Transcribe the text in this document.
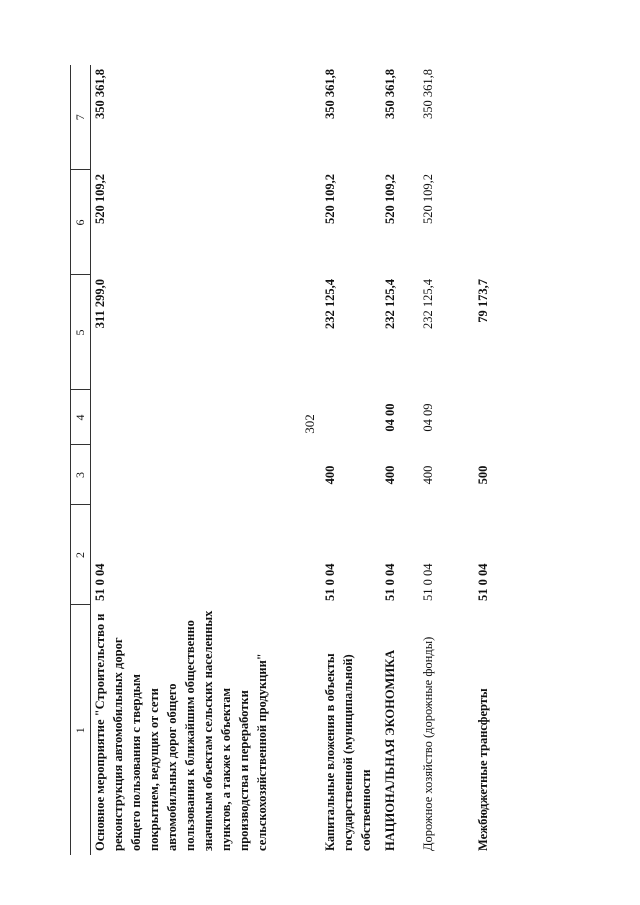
302
1	2	3	4	5	6	7
Основное мероприятие "Строительство и реконструкция автомобильных дорог общего пользования с твердым покрытием, ведущих от сети автомобильных дорог общего пользования к ближайшим общественно значимым объектам сельских населенных пунктов, а также к объектам производства и переработки сельскохозяйственной продукции"	51 0 04			311 299,0	520 109,2	350 361,8
Капитальные вложения в объекты государственной (муниципальной) собственности	51 0 04	400		232 125,4	520 109,2	350 361,8
НАЦИОНАЛЬНАЯ ЭКОНОМИКА	51 0 04	400	04 00	232 125,4	520 109,2	350 361,8
Дорожное хозяйство (дорожные фонды)	51 0 04	400	04 09	232 125,4	520 109,2	350 361,8
Межбюджетные трансферты	51 0 04	500		79 173,7		
